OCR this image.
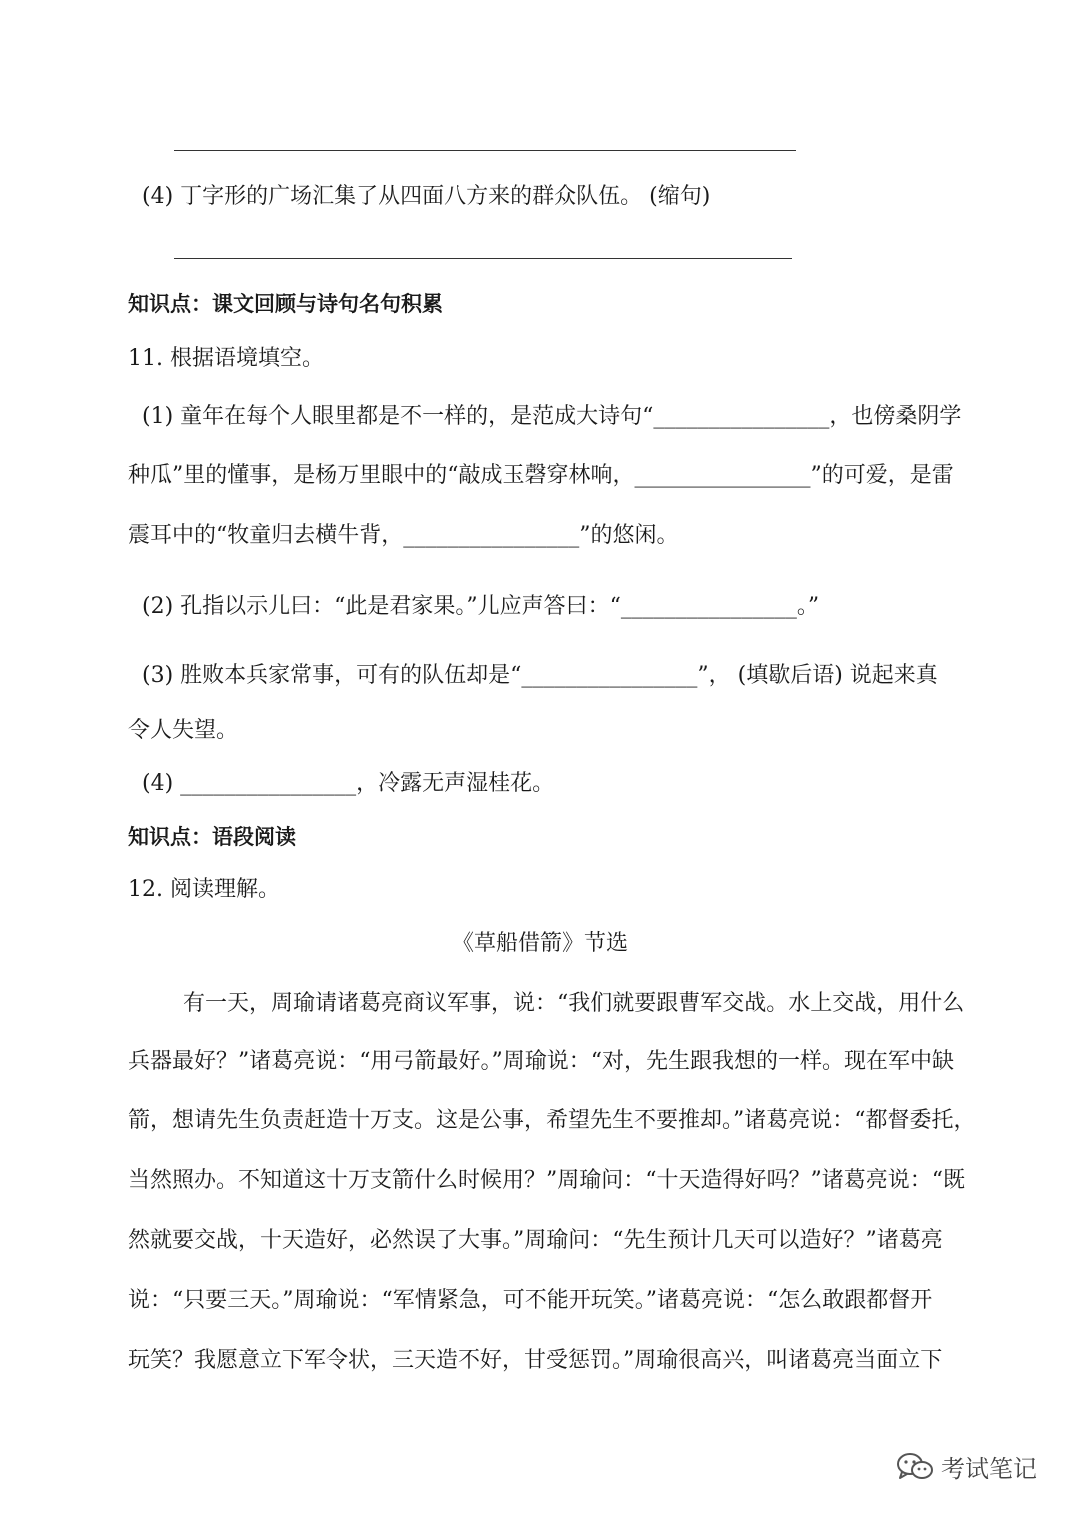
(4) 丁字形的广场汇集了从四面八方来的群众队伍。 (缩句)
知识点：课文回顾与诗句名句积累
11. 根据语境填空。
(1) 童年在每个人眼里都是不一样的，是范成大诗句“________________，也傍桑阴学
种瓜”里的懂事，是杨万里眼中的“敲成玉磬穿林响，________________”的可爱，是雷
震耳中的“牧童归去横牛背，________________”的悠闲。
(2) 孔指以示儿曰：“此是君家果。”儿应声答曰：“________________。”
(3) 胜败本兵家常事，可有的队伍却是“________________”， (填歇后语) 说起来真
令人失望。
(4) ________________，冷露无声湿桂花。
知识点：语段阅读
12. 阅读理解。
《草船借箭》节选
有一天，周瑜请诸葛亮商议军事，说：“我们就要跟曹军交战。水上交战，用什么
兵器最好？”诸葛亮说：“用弓箭最好。”周瑜说：“对，先生跟我想的一样。现在军中缺
箭，想请先生负责赶造十万支。这是公事，希望先生不要推却。”诸葛亮说：“都督委托，
当然照办。不知道这十万支箭什么时候用？”周瑜问：“十天造得好吗？”诸葛亮说：“既
然就要交战，十天造好，必然误了大事。”周瑜问：“先生预计几天可以造好？”诸葛亮
说：“只要三天。”周瑜说：“军情紧急，可不能开玩笑。”诸葛亮说：“怎么敢跟都督开
玩笑？我愿意立下军令状，三天造不好，甘受惩罚。”周瑜很高兴，叫诸葛亮当面立下
考试笔记
